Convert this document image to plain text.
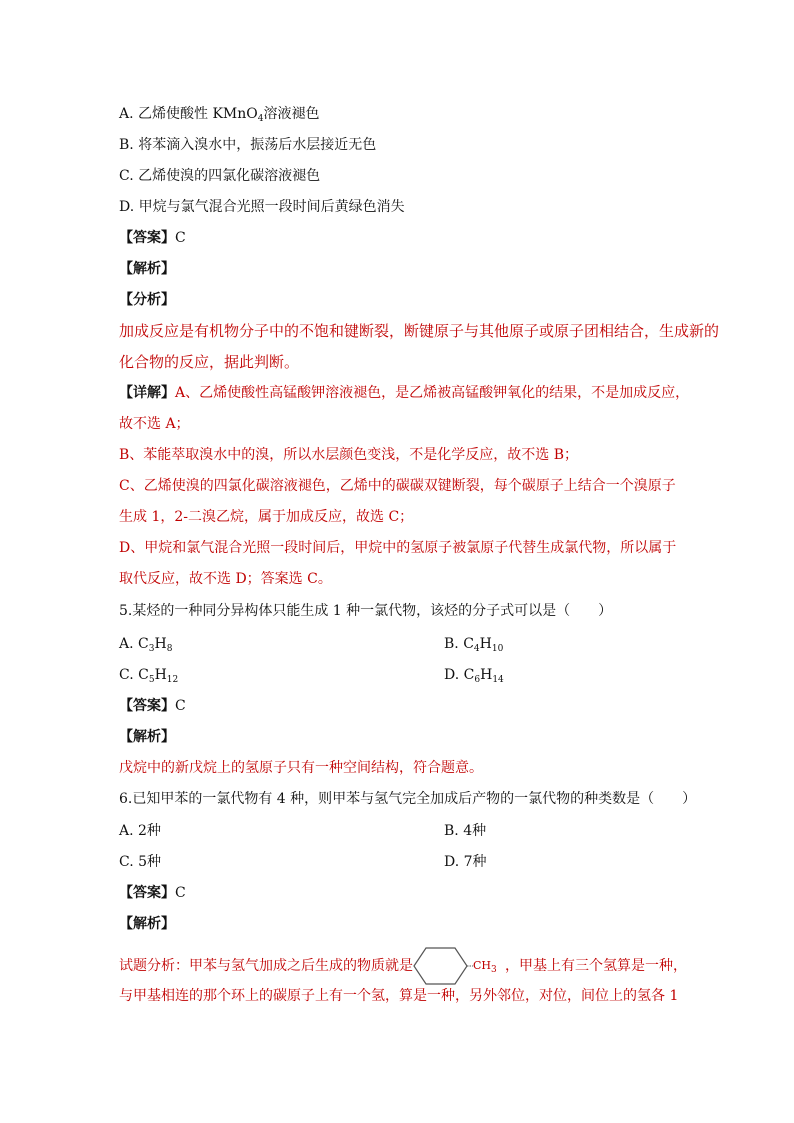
A. 乙烯使酸性 KMnO$_4$溶液褪色
B. 将苯滴入溴水中，振荡后水层接近无色
C. 乙烯使溴的四氯化碳溶液褪色
D. 甲烷与氯气混合光照一段时间后黄绿色消失
【答案】C
【解析】
【分析】
加成反应是有机物分子中的不饱和键断裂，断键原子与其他原子或原子团相结合，生成新的
化合物的反应，据此判断。
【详解】A、乙烯使酸性高锰酸钾溶液褪色，是乙烯被高锰酸钾氧化的结果，不是加成反应，
故不选 A；
B、苯能萃取溴水中的溴，所以水层颜色变浅，不是化学反应，故不选 B；
C、乙烯使溴的四氯化碳溶液褪色，乙烯中的碳碳双键断裂，每个碳原子上结合一个溴原子
生成 1，2-二溴乙烷，属于加成反应，故选 C；
D、甲烷和氯气混合光照一段时间后，甲烷中的氢原子被氯原子代替生成氯代物，所以属于
取代反应，故不选 D；答案选 C。
5.某烃的一种同分异构体只能生成 1 种一氯代物，该烃的分子式可以是（　　）
A. $C_3H_8$	B. $C_4H_{10}$
C. $C_5H_{12}$	D. $C_6H_{14}$
【答案】C
【解析】
戊烷中的新戊烷上的氢原子只有一种空间结构，符合题意。
6.已知甲苯的一氯代物有 4 种，则甲苯与氢气完全加成后产物的一氯代物的种类数是（　　）
A. 2种	B. 4种
C. 5种	D. 7种
【答案】C
【解析】
试题分析：甲苯与氢气加成之后生成的物质就是	$CH_3$ ，甲基上有三个氢算是一种，
与甲基相连的那个环上的碳原子上有一个氢，算是一种，另外邻位，对位，间位上的氢各 1
